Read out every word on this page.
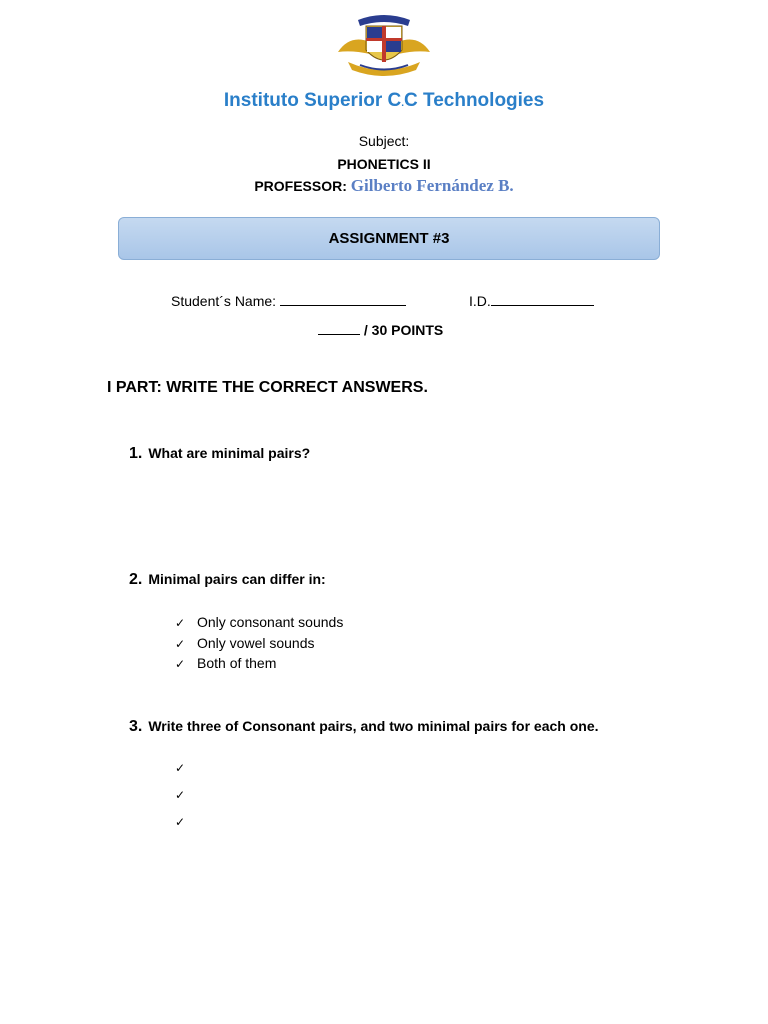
Instituto Superior C.C Technologies
Subject:
PHONETICS II
PROFESSOR: Gilberto Fernández B.
ASSIGNMENT #3
Student´s Name:	I.D.
/ 30 POINTS
I PART: WRITE THE CORRECT ANSWERS.
1. What are minimal pairs?
2. Minimal pairs can differ in:
✓ Only consonant sounds
✓ Only vowel sounds
✓ Both of them
3. Write three of Consonant pairs, and two minimal pairs for each one.
✓
✓
✓
